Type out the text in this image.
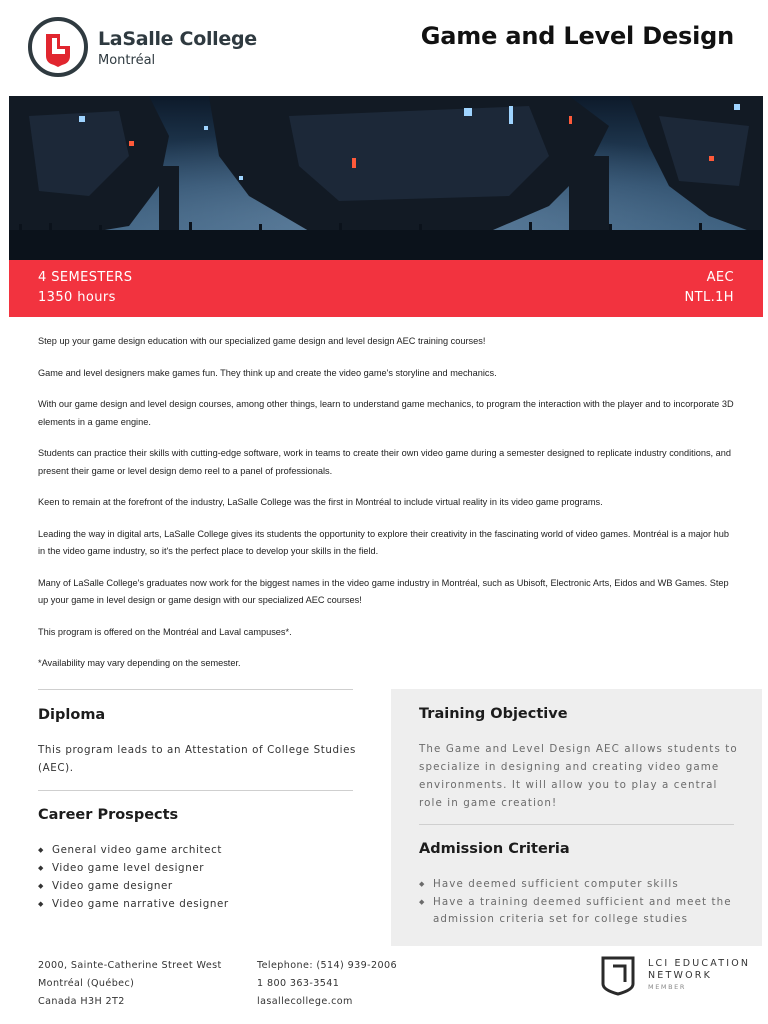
LaSalle College
Montréal
Game and Level Design
4 SEMESTERS
1350 hours
AEC
NTL.1H

Step up your game design education with our specialized game design and level design AEC training courses!

Game and level designers make games fun. They think up and create the video game's storyline and mechanics.

With our game design and level design courses, among other things, learn to understand game mechanics, to program the interaction with the player and to incorporate 3D elements in a game engine.

Students can practice their skills with cutting-edge software, work in teams to create their own video game during a semester designed to replicate industry conditions, and present their game or level design demo reel to a panel of professionals.

Keen to remain at the forefront of the industry, LaSalle College was the first in Montréal to include virtual reality in its video game programs.

Leading the way in digital arts, LaSalle College gives its students the opportunity to explore their creativity in the fascinating world of video games. Montréal is a major hub in the video game industry, so it's the perfect place to develop your skills in the field.

Many of LaSalle College's graduates now work for the biggest names in the video game industry in Montréal, such as Ubisoft, Electronic Arts, Eidos and WB Games. Step up your game in level design or game design with our specialized AEC courses!

This program is offered on the Montréal and Laval campuses*.

*Availability may vary depending on the semester.

Diploma
This program leads to an Attestation of College Studies (AEC).
Career Prospects
◆ General video game architect
◆ Video game level designer
◆ Video game designer
◆ Video game narrative designer
Training Objective
The Game and Level Design AEC allows students to specialize in designing and creating video game environments. It will allow you to play a central role in game creation!
Admission Criteria
◆ Have deemed sufficient computer skills
◆ Have a training deemed sufficient and meet the
admission criteria set for college studies
2000, Sainte-Catherine Street West
Montréal (Québec)
Canada H3H 2T2
Telephone: (514) 939-2006
1 800 363-3541
lasallecollege.com
LCI EDUCATION
NETWORK
MEMBER
